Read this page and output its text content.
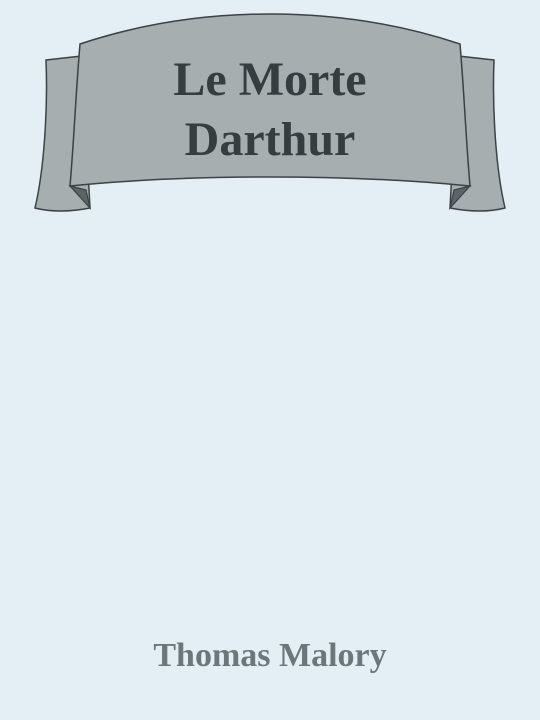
Le Morte
Darthur
Thomas Malory
